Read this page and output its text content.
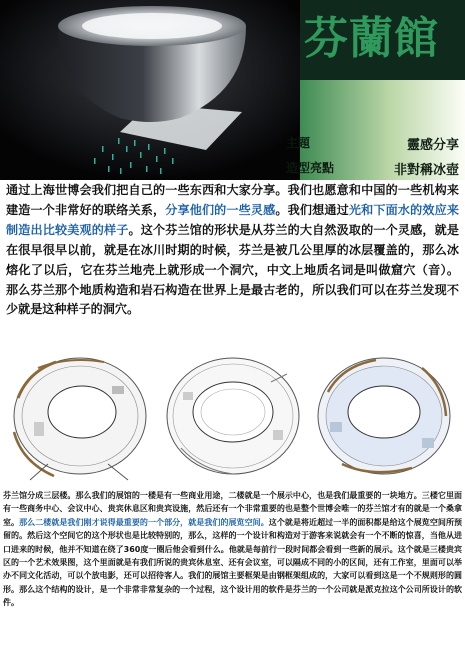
芬蘭館
主題	靈感分享
造型亮點	非對稱冰壺
通过上海世博会我们把自己的一些东西和大家分享。我们也愿意和中国的一些机构来建造一个非常好的联络关系，分享他们的一些灵感。我们想通过光和下面水的效应来制造出比较美观的样子。这个芬兰馆的形状是从芬兰的大自然汲取的一个灵感，就是在很早很早以前，就是在冰川时期的时候，芬兰是被几公里厚的冰层覆盖的，那么冰熔化了以后，它在芬兰地壳上就形成一个洞穴，中文上地质名词是叫做窟穴（音）。那么芬兰那个地质构造和岩石构造在世界上是最古老的，所以我们可以在芬兰发现不少就是这种样子的洞穴。
芬兰馆分成三层楼。那么我们的展馆的一楼是有一些商业用途，二楼就是一个展示中心，也是我们最重要的一块地方。三楼它里面有一些商务中心、会议中心、贵宾休息区和贵宾设施，然后还有一个非常重要的也是整个世博会唯一的芬兰馆才有的就是一个桑拿室。那么二楼就是我们刚才说得最重要的一个部分，就是我们的展览空间。这个就是将近超过一半的面积都是给这个展览空间所预留的。然后这个空间它的这个形状也是比较特别的，那么，这样的一个设计和构造对于游客来说就会有一个不断的惊喜，当他从进口进来的时候，他并不知道在绕了360度一圈后他会看到什么。他就是每前行一段时间都会看到一些新的展示。这个就是三楼贵宾区的一个艺术效果图，这个里面就是有我们所说的贵宾休息室、还有会议室，可以隔成不同的小的区间，还有工作室，里面可以举办不同文化活动，可以个放电影，还可以招待客人。我们的展馆主要框架是由钢框架组成的，大家可以看到这是一个不规则形的圆形。那么这个结构的设计，是一个非常非常复杂的一个过程，这个设计用的软件是芬兰的一个公司就是派克拉这个公司所设计的软件。
